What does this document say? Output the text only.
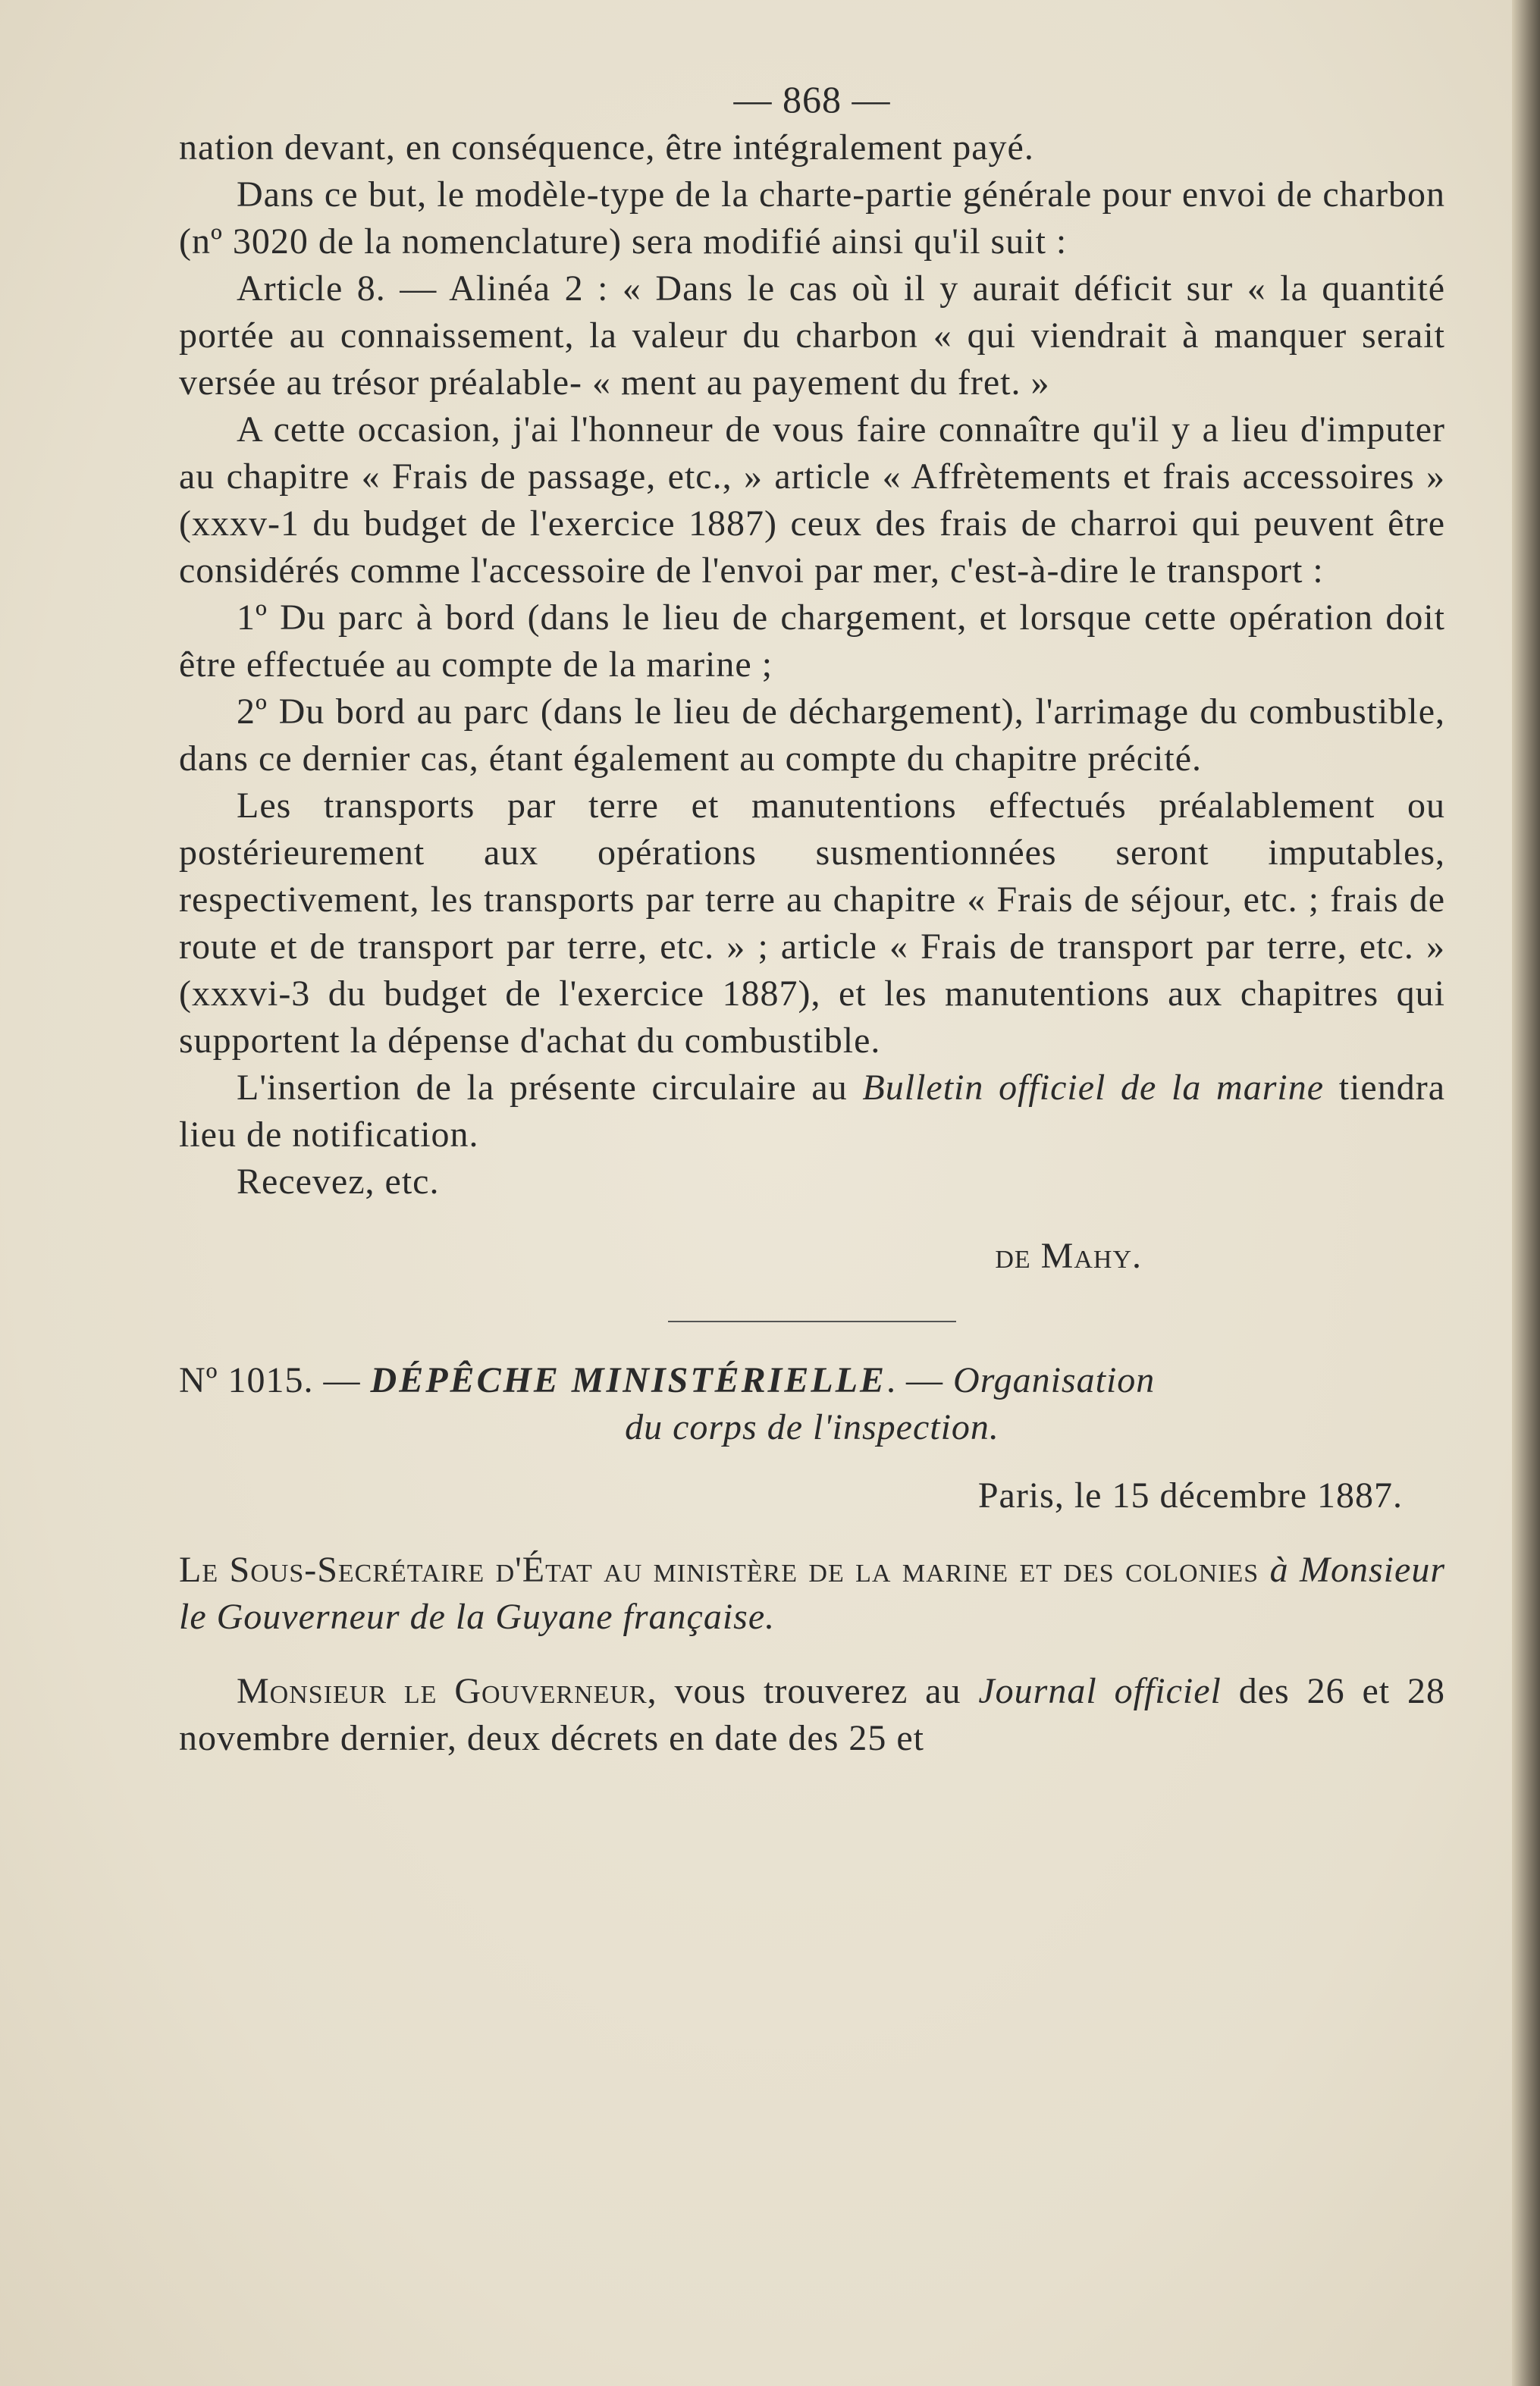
— 868 —

nation devant, en conséquence, être intégralement payé.

Dans ce but, le modèle-type de la charte-partie générale pour envoi de charbon (nº 3020 de la nomenclature) sera modifié ainsi qu'il suit :

Article 8. — Alinéa 2 : « Dans le cas où il y aurait déficit sur « la quantité portée au connaissement, la valeur du charbon « qui viendrait à manquer serait versée au trésor préalable- « ment au payement du fret. »

A cette occasion, j'ai l'honneur de vous faire connaître qu'il y a lieu d'imputer au chapitre « Frais de passage, etc., » article « Affrètements et frais accessoires » (xxxv-1 du budget de l'exercice 1887) ceux des frais de charroi qui peuvent être considérés comme l'accessoire de l'envoi par mer, c'est-à-dire le transport :

1º Du parc à bord (dans le lieu de chargement, et lorsque cette opération doit être effectuée au compte de la marine ;

2º Du bord au parc (dans le lieu de déchargement), l'arrimage du combustible, dans ce dernier cas, étant également au compte du chapitre précité.

Les transports par terre et manutentions effectués préalablement ou postérieurement aux opérations susmentionnées seront imputables, respectivement, les transports par terre au chapitre « Frais de séjour, etc. ; frais de route et de transport par terre, etc. » ; article « Frais de transport par terre, etc. » (xxxvi-3 du budget de l'exercice 1887), et les manutentions aux chapitres qui supportent la dépense d'achat du combustible.

L'insertion de la présente circulaire au Bulletin officiel de la marine tiendra lieu de notification.

Recevez, etc.

de Mahy.

Nº 1015. — DÉPÊCHE MINISTÉRIELLE. — Organisation

du corps de l'inspection.

Paris, le 15 décembre 1887.

Le Sous-Secrétaire d'État au ministère de la marine et des colonies à Monsieur le Gouverneur de la Guyane française.

Monsieur le Gouverneur, vous trouverez au Journal officiel des 26 et 28 novembre dernier, deux décrets en date des 25 et
